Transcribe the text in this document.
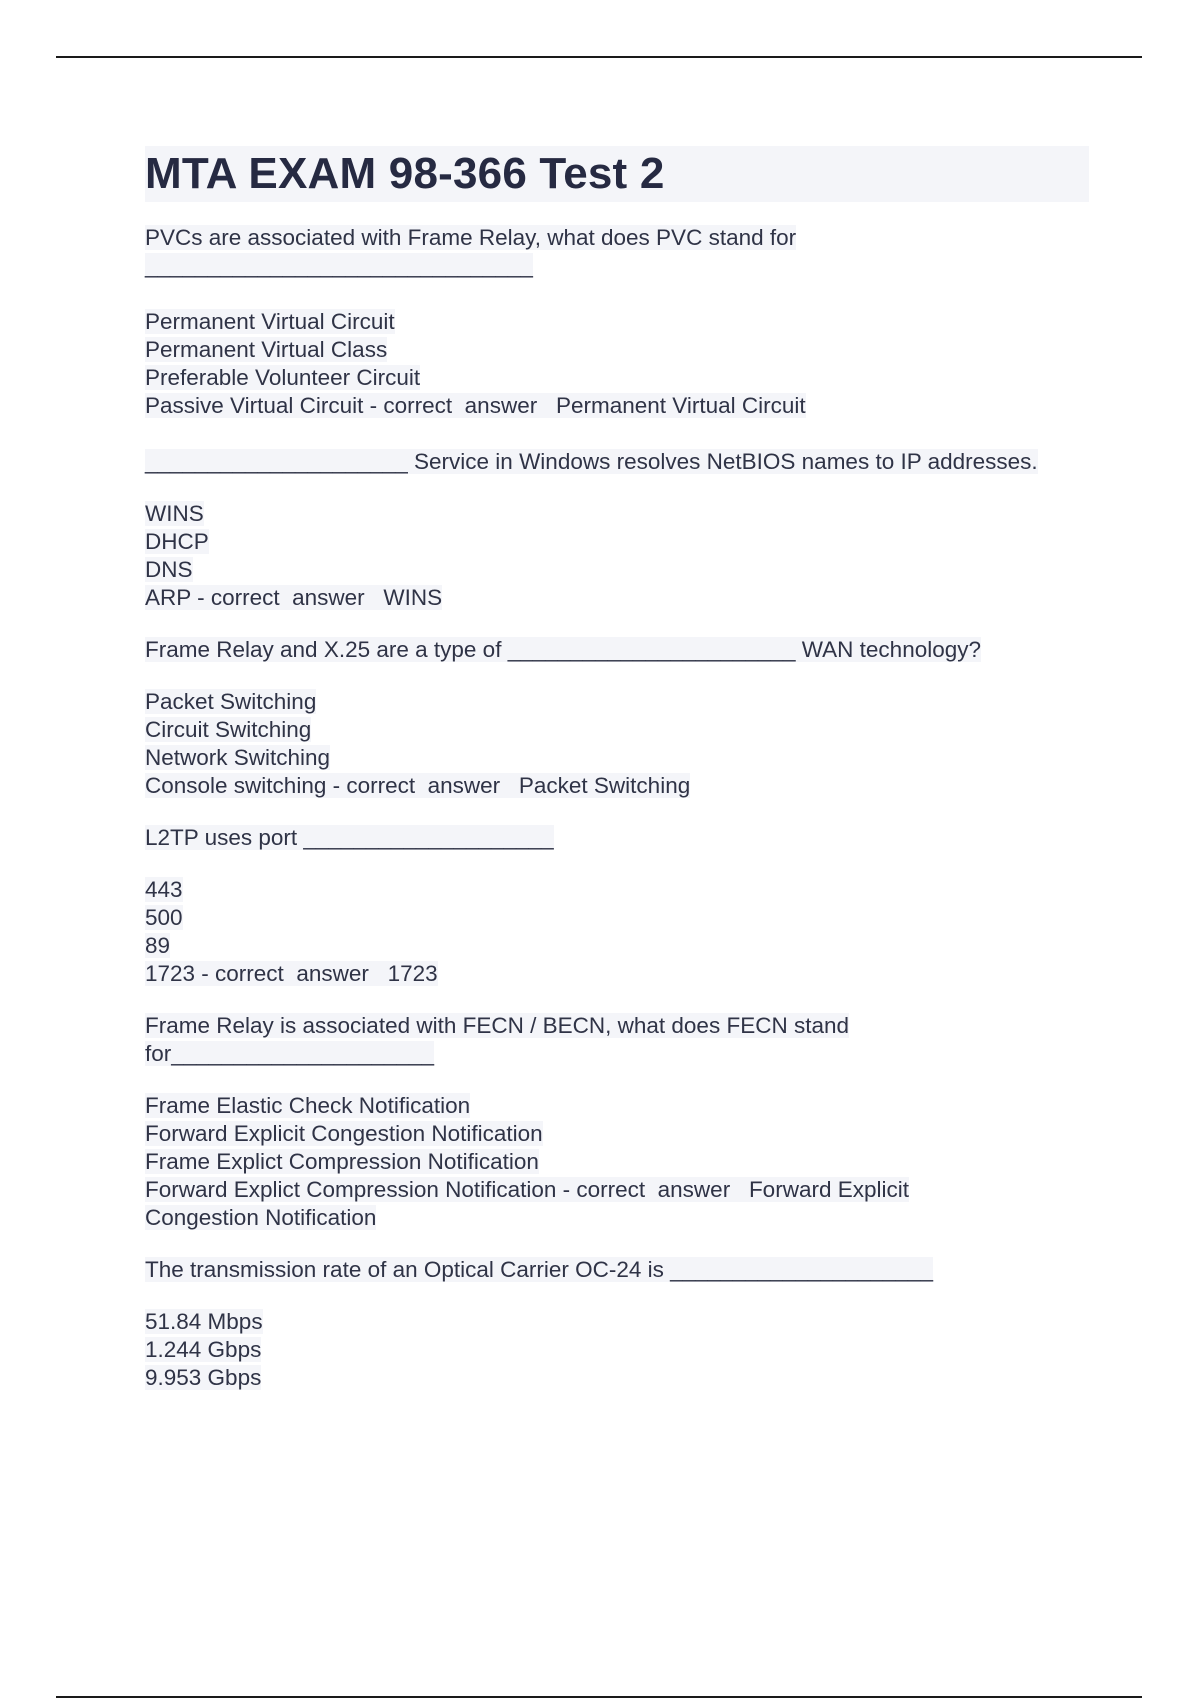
MTA EXAM 98-366 Test 2
PVCs are associated with Frame Relay, what does PVC stand for
_______________________________
Permanent Virtual Circuit
Permanent Virtual Class
Preferable Volunteer Circuit
Passive Virtual Circuit - correct  answer   Permanent Virtual Circuit
_____________________ Service in Windows resolves NetBIOS names to IP addresses.
WINS
DHCP
DNS
ARP - correct  answer   WINS
Frame Relay and X.25 are a type of _______________________ WAN technology?
Packet Switching
Circuit Switching
Network Switching
Console switching - correct  answer   Packet Switching
L2TP uses port ____________________
443
500
89
1723 - correct  answer   1723
Frame Relay is associated with FECN / BECN, what does FECN stand
for_____________________
Frame Elastic Check Notification
Forward Explicit Congestion Notification
Frame Explict Compression Notification
Forward Explict Compression Notification - correct  answer   Forward Explicit
Congestion Notification
The transmission rate of an Optical Carrier OC-24 is _____________________
51.84 Mbps
1.244 Gbps
9.953 Gbps
